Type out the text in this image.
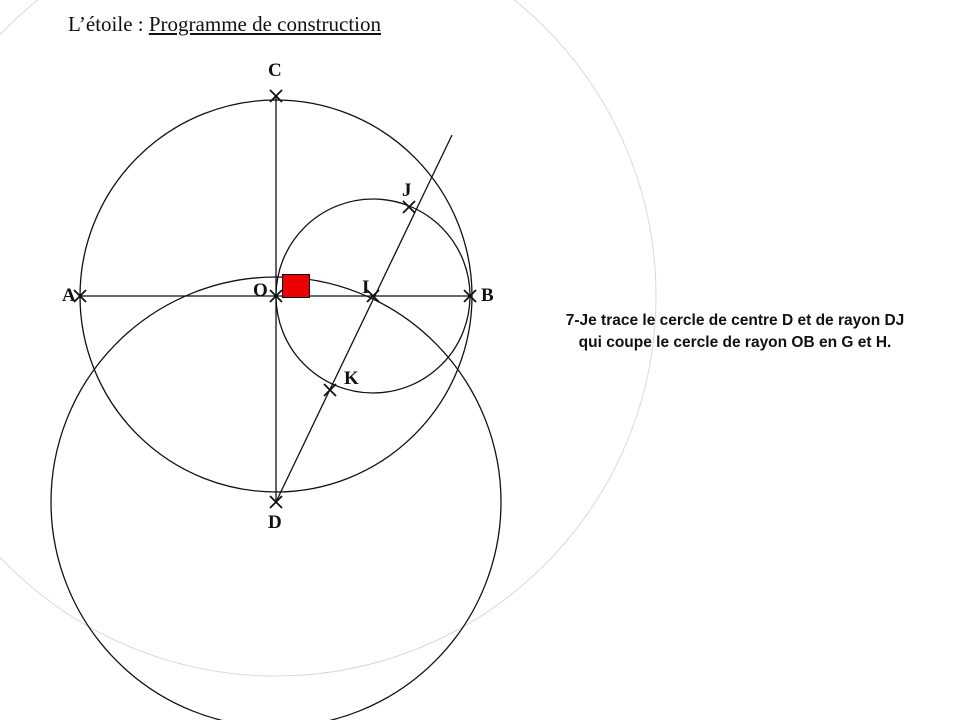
L’étoile : Programme de construction
A	B
C
D
O	I
J
K
7-Je trace le cercle de centre D et de rayon DJ
qui coupe le cercle de rayon OB en G et H.
